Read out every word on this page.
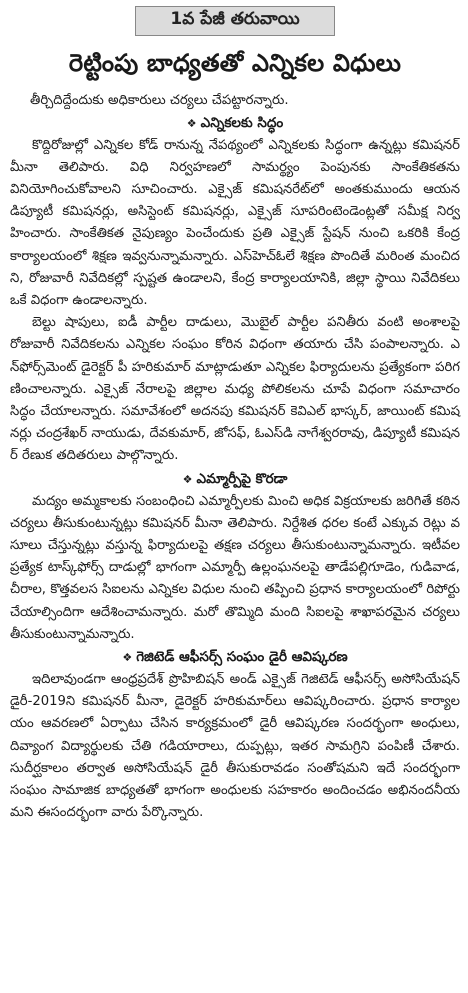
1వ పేజీ తరువాయి
రెట్టింపు బాధ్యతతో ఎన్నికల విధులు
తీర్చిదిద్దేందుకు అధికారులు చర్యలు చేపట్టారన్నారు.
❖ ఎన్నికలకు సిద్ధం

కొద్దిరోజుల్లో ఎన్నికల కోడ్ రానున్న నేపథ్యంలో ఎన్నికలకు సిద్ధంగా ఉన్నట్లు కమిషనర్ మీనా తెలిపారు. విధి నిర్వహణలో సామర్థ్యం పెంపునకు సాంకేతికతను వినియోగించుకోవాలని సూచించారు. ఎక్సైజ్ కమిషనరేట్‌లో అంతకుముందు ఆయన డిప్యూటీ కమిషనర్లు, అసిస్టెంట్ కమిషనర్లు, ఎక్సైజ్ సూపరింటెండెంట్లతో సమీక్ష నిర్వహించారు. సాంకేతికత నైపుణ్యం పెంచేందుకు ప్రతి ఎక్సైజ్ స్టేషన్ నుంచి ఒకరికి కేంద్ర కార్యాలయంలో శిక్షణ ఇవ్వనున్నామన్నారు. ఎస్‌హెచ్‌ఓలే శిక్షణ పొందితే మరింత మంచిదని, రోజువారీ నివేదికల్లో స్పష్టత ఉండాలని, కేంద్ర కార్యాలయానికి, జిల్లా స్థాయి నివేదికలు ఒకే విధంగా ఉండాలన్నారు.

బెల్టు షాపులు, ఐడీ పార్టీల దాడులు, మొబైల్ పార్టీల పనితీరు వంటి అంశాలపై రోజువారీ నివేదికలను ఎన్నికల సంఘం కోరిన విధంగా తయారు చేసి పంపాలన్నారు. ఎన్‌ఫోర్స్‌మెంట్ డైరెక్టర్ పీ హరికుమార్ మాట్లాడుతూ ఎన్నికల ఫిర్యాదులను ప్రత్యేకంగా పరిగణించాలన్నారు. ఎక్సైజ్ నేరాలపై జిల్లాల మధ్య పోలికలను చూపే విధంగా సమాచారం సిద్ధం చేయాలన్నారు. సమావేశంలో అదనపు కమిషనర్ కెవిఎల్ భాస్కర్, జాయింట్ కమిషనర్లు చంద్రశేఖర్ నాయుడు, దేవకుమార్, జోసఫ్, ఓఎస్‌డి నాగేశ్వరరావు, డిప్యూటీ కమిషనర్ రేణుక తదితరులు పాల్గొన్నారు.

❖ ఎమ్మార్పీపై కొరడా

మద్యం అమ్మకాలకు సంబంధించి ఎమ్మార్పీలకు మించి అధిక విక్రయాలకు జరిగితే కఠిన చర్యలు తీసుకుంటున్నట్లు కమిషనర్ మీనా తెలిపారు. నిర్దేశిత ధరల కంటే ఎక్కువ రెట్లు వసూలు చేస్తున్నట్లు వస్తున్న ఫిర్యాదులపై తక్షణ చర్యలు తీసుకుంటున్నామన్నారు. ఇటీవల ప్రత్యేక టాస్క్‌ఫోర్స్ దాడుల్లో భాగంగా ఎమ్మార్పీ ఉల్లంఘనలపై తాడేపల్లిగూడెం, గుడివాడ, చీరాల, కొత్తవలస సిఐలను ఎన్నికల విధుల నుంచి తప్పించి ప్రధాన కార్యాలయంలో రిపోర్టు చేయాల్సిందిగా ఆదేశించామన్నారు. మరో తొమ్మిది మంది సిఐలపై శాఖాపరమైన చర్యలు తీసుకుంటున్నామన్నారు.

❖ గెజిటెడ్ ఆఫీసర్స్ సంఘం డైరీ ఆవిష్కరణ

ఇదిలావుండగా ఆంధ్రప్రదేశ్ ప్రొహిబిషన్ అండ్ ఎక్సైజ్ గెజిటెడ్ ఆఫీసర్స్ అసోసియేషన్ డైరీ-2019ని కమిషనర్ మీనా, డైరెక్టర్ హరికుమార్‌లు ఆవిష్కరించారు. ప్రధాన కార్యాలయం ఆవరణలో ఏర్పాటు చేసిన కార్యక్రమంలో డైరీ ఆవిష్కరణ సందర్భంగా అంధులు, దివ్యాంగ విద్యార్థులకు చేతి గడియారాలు, దుప్పట్లు, ఇతర సామగ్రిని పంపిణీ చేశారు. సుదీర్ఘకాలం తర్వాత అసోసియేషన్ డైరీ తీసుకురావడం సంతోషమని ఇదే సందర్భంగా సంఘం సామాజిక బాధ్యతతో భాగంగా అంధులకు సహకారం అందించడం అభినందనీయమని ఈసందర్భంగా వారు పేర్కొన్నారు.
